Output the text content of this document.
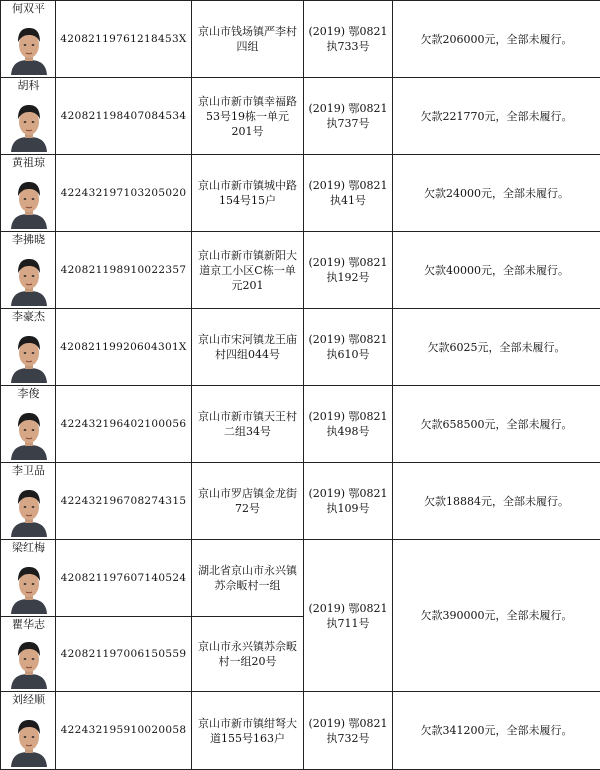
何双平	42082119761218453X	京山市钱场镇严李村四组	(2019) 鄂0821执733号	欠款206000元，全部未履行。

胡科	420821198407084534	京山市新市镇幸福路53号19栋一单元201号	(2019) 鄂0821执737号	欠款221770元，全部未履行。

黄祖琼	422432197103205020	京山市新市镇城中路154号15户	(2019) 鄂0821执41号	欠款24000元，全部未履行。

李拂晓	420821198910022357	京山市新市镇新阳大道京工小区C栋一单元201	(2019) 鄂0821执192号	欠款40000元，全部未履行。

李豪杰	42082119920604301X	京山市宋河镇龙王庙村四组044号	(2019) 鄂0821执610号	欠款6025元，全部未履行。

李俊	422432196402100056	京山市新市镇天王村二组34号	(2019) 鄂0821执498号	欠款658500元，全部未履行。

李卫品	422432196708274315	京山市罗店镇金龙街72号	(2019) 鄂0821执109号	欠款18884元，全部未履行。

梁红梅	420821197607140524	湖北省京山市永兴镇苏佘畈村一组	(2019) 鄂0821执711号	欠款390000元，全部未履行。

瞿华志	420821197006150559	京山市永兴镇苏佘畈村一组20号		

刘经顺	422432195910020058	京山市新市镇绀弩大道155号163户	(2019) 鄂0821执732号	欠款341200元，全部未履行。
